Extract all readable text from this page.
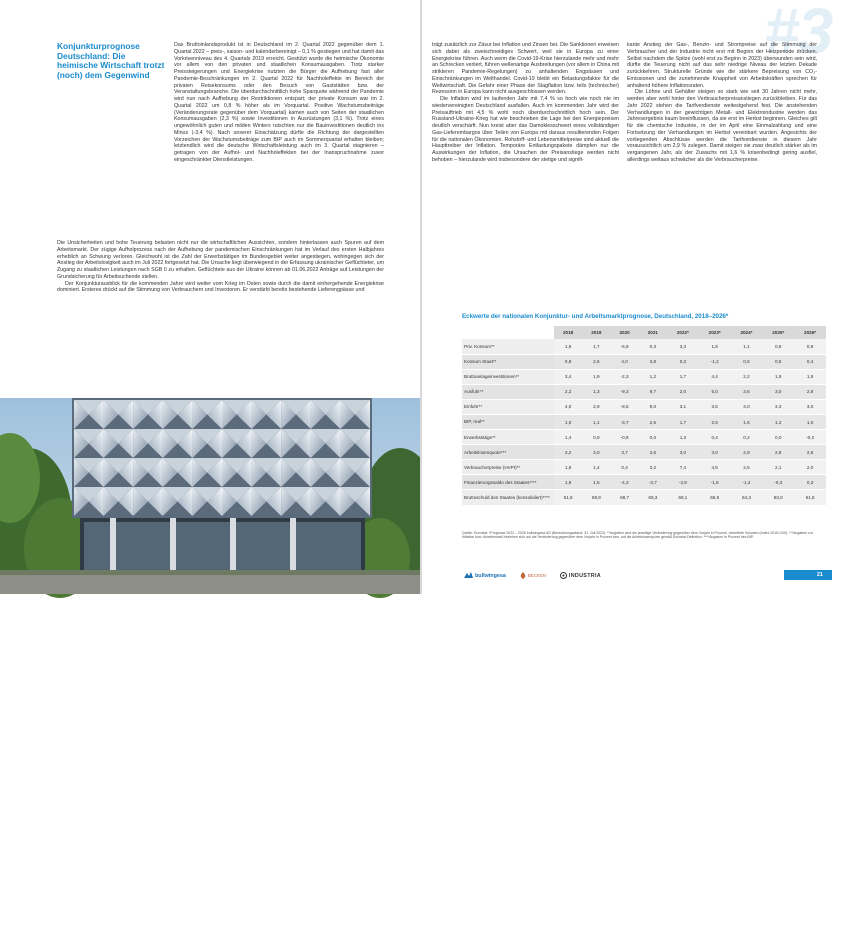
Konjunkturprognose Deutschland: Die heimische Wirtschaft trotzt (noch) dem Gegenwind

Das Bruttoinlandsprodukt ist in Deutschland im 2. Quartal 2022 gegenüber dem 1. Quartal 2022 – preis-, saison- und kalenderbereinigt – 0,1 % gestiegen und hat damit das Vorkrisenniveau des 4. Quartals 2019 erreicht. Gestützt wurde die heimische Ökonomie vor allem von den privaten und staatlichen Konsumausgaben. Trotz starker Preissteigerungen und Energiekrise nutzten die Bürger die Aufhebung fast aller Pandemie-Beschränkungen im 2. Quartal 2022 für Nachholeffekte im Bereich der privaten Reisekonsums oder den Besuch von Gaststätten bzw. der Veranstaltungsbranche. Die überdurchschnittlich hohe Sparquote während der Pandemie wird nun nach Aufhebung der Restriktionen entspart; der private Konsum war im 2. Quartal 2022 um 0,8 % höher als im Vorquartal. Positive Wachstumsbeiträge (Veränderungsrate gegenüber dem Vorquartal) kamen auch von Seiten der staatlichen Konsumausgaben (2,3 %) sowie Investitionen in Ausrüstungen (3,1 %). Trotz eines ungewöhnlich guten und milden Winters rutschten nur die Bauinvestitionen deutlich ins Minus (-3,4 %). Nach unserer Einschätzung dürfte die Richtung der dargestellten Vorzeichen der Wachstumsbeiträge zum BIP auch im Sommerquartal erhalten bleiben; letztendlich wird die deutsche Wirtschaftsleistung auch im 3. Quartal stagnieren – getragen von der Aufhol- und Nachholeffekten bei der Inanspruchnahme zuvor eingeschränkter Dienstleistungen.

Die Unsicherheiten und hohe Teuerung belasten nicht nur die wirtschaftlichen Aussichten, sondern hinterlassen auch Spuren auf dem Arbeitsmarkt. Der zügige Aufholprozess nach der Aufhebung der pandemischen Einschränkungen hat im Verlauf des ersten Halbjahres erheblich an Schwung verloren. Gleichwohl ist die Zahl der Erwerbstätigen im Bundesgebiet weiter angestiegen, wohingegen sich der Anstieg der Arbeitslosigkeit auch im Juli 2022 fortgesetzt hat. Die Ursache liegt überwiegend in der Erfassung ukrainischer Geflüchteter, um Zugang zu staatlichen Leistungen nach SGB II zu erhalten. Geflüchtete aus der Ukraine können ab 01.06.2022 Anträge auf Leistungen der Grundsicherung für Arbeitsuchende stellen.

Der Konjunkturausblick für die kommenden Jahre wird weiter vom Krieg im Osten sowie durch die damit einhergehende Energiekrise dominiert. Ersteres drückt auf die Stimmung von Verbrauchern und Investoren. Er verstärkt bereits bestehende Lieferengpässe und

Foto: Bullwingesa / Becken
#3

trägt zusätzlich zur Zäsur bei Inflation und Zinsen bei. Die Sanktionen erweisen sich dabei als zweischneidiges Schwert, weil sie in Europa zu einer Energiekrise führen. Auch wenn die Covid-19-Krise hierzulande mehr und mehr an Schrecken verliert, führen wellenartige Ausbreitungen (vor allem in China mit strikteren Pandemie-Regelungen) zu anhaltenden Engpässen und Einschränkungen im Welthandel. Covid-19 bleibt ein Belastungsfaktor für die Weltwirtschaft. Die Gefahr einer Phase der Stagflation bzw. teils (technischer) Rezession in Europa kann nicht ausgeschlossen werden.

Die Inflation wird im laufenden Jahr mit 7,4 % so hoch wie noch nie im wiedervereinigten Deutschland ausfallen. Auch im kommenden Jahr wird der Preisauftrieb mit 4,5 % wohl noch überdurchschnittlich hoch sein. Der Russland-Ukraine-Krieg hat wie beschrieben die Lage bei den Energiepreisen deutlich verschärft. Nun kreist aber das Damoklesschwert eines vollständigen Gas-Lieferembargos über Teilen von Europa mit daraus resultierenden Folgen für die nationalen Ökonomien. Rohstoff- und Lebensmittelpreise sind aktuell die Haupttreiber der Inflation. Temporäre Entlastungspakete dämpfen nur die Auswirkungen der Inflation, die Ursachen der Preisanstiege werden nicht behoben – hierzulande wird insbesondere der stetige und signifi-

kante Anstieg der Gas-, Benzin- und Strompreise auf die Stimmung der Verbraucher und der Industrie nicht erst mit Beginn der Heizperiode drücken. Selbst nachdem die Spitze (wohl erst zu Beginn in 2023) überwunden sein wird, dürfte die Teuerung nicht auf das sehr niedrige Niveau der letzten Dekade zurückkehren. Strukturelle Gründe wie die stärkere Bepreisung von CO₂-Emissionen und die zunehmende Knappheit von Arbeitskräften sprechen für anhaltend höhere Inflationsraten.

Die Löhne und Gehälter steigen so stark wie seit 30 Jahren nicht mehr, werden aber wohl hinter den Verbraucherpreisanstiegen zurückbleiben. Für das Jahr 2022 stehen die Tarifverdienste weitestgehend fest. Die anstehenden Verhandlungen in der gewichtigen Metall- und Elektroindustrie werden das Jahresergebnis kaum beeinflussen, da sie erst im Herbst beginnen. Gleiches gilt für die chemische Industrie, in der im April eine Einmalzahlung und eine Fortsetzung der Verhandlungen im Herbst vereinbart wurden. Angesichts der vorliegenden Abschlüsse werden die Tarifverdienste in diesem Jahr voraussichtlich um 2,9 % zulegen. Damit steigen sie zwar deutlich stärker als im vergangenen Jahr, als der Zuwachs mit 1,6 % krisenbedingt gering ausfiel, allerdings weitaus schwächer als die Verbraucherpreise.

Eckwerte der nationalen Konjunktur- und Arbeitsmarktprognose, Deutschland, 2018–2026*
	2018	2019	2020	2021	2022*	2023*	2024*	2025*	2026*
Priv. Konsum**	1,5	1,7	-5,8	0,3	3,3	1,8	1,1	0,8	0,6
Konsum Staat**	0,8	2,6	4,0	3,8	0,3	-1,2	0,6	0,5	0,4
Bruttoanlageinvestitionen**	3,4	1,9	-2,3	1,2	1,7	4,4	2,2	1,9	1,5
Ausfuhr**	2,2	1,3	-9,3	9,7	2,0	5,0	3,6	3,0	2,8
Einfuhr**	4,0	2,9	-8,5	9,0	3,1	3,6	4,0	3,3	3,0
BIP, real**	1,0	1,1	-3,7	2,6	1,7	2,5	1,6	1,2	1,0
Erwerbstätige**	1,4	0,9	-0,8	0,0	1,3	0,4	0,2	0,0	-0,2
Arbeitslosenquote***	3,2	3,0	3,7	3,6	3,0	3,0	2,9	2,8	2,6
Verbraucherpreise (HVPI)**	1,9	1,4	0,4	3,2	7,4	4,5	2,5	2,1	2,0
Finanzierungssaldo des Staates****	1,9	1,5	-4,3	-3,7	-2,8	-1,6	-1,2	-0,3	0,3
Bruttoschuld des Staates (konsolidiert)****	61,8	58,9	68,7	69,3	68,1	66,9	64,3	63,0	61,8
Quelle: Eurostat. *Prognose 2022 – 2026 bullwingesa AG (Berechnungsstand: 31. Juli 2022). **Angaben sind die jeweilige Veränderung gegenüber dem Vorjahr in Prozent, verkettete Volumen (Index 2015=100). ***Angaben zur Inflation bzw. Arbeitsmarkt beziehen sich auf die Veränderung gegenüber dem Vorjahr in Prozent bzw. auf die Arbeitslosenquote gemäß Eurostat-Definition. ****Angaben in Prozent des BIP.
bullwingesa	BECKEN	INDUSTRIA	21
